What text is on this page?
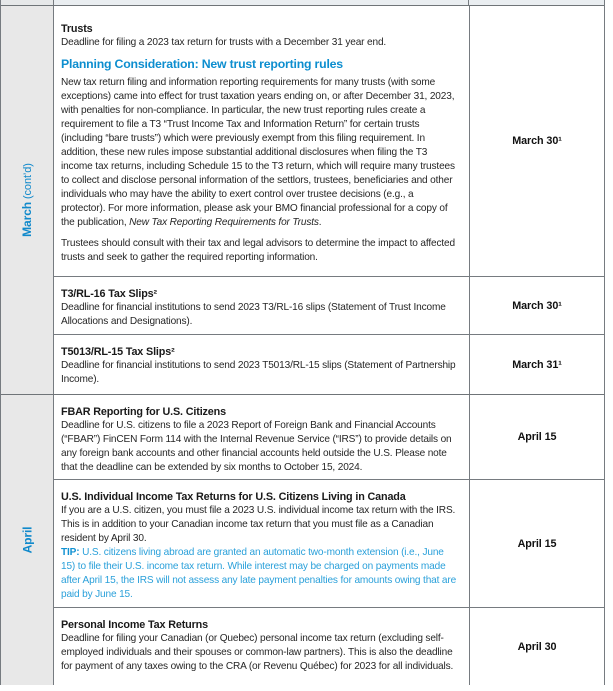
March (cont’d)
Trusts

Deadline for filing a 2023 tax return for trusts with a December 31 year end.

Planning Consideration: New trust reporting rules

New tax return filing and information reporting requirements for many trusts (with some exceptions) came into effect for trust taxation years ending on, or after December 31, 2023, with penalties for non-compliance. In particular, the new trust reporting rules create a requirement to file a T3 “Trust Income Tax and Information Return” for certain trusts (including “bare trusts”) which were previously exempt from this filing requirement. In addition, these new rules impose substantial additional disclosures when filing the T3 income tax returns, including Schedule 15 to the T3 return, which will require many trustees to collect and disclose personal information of the settlors, trustees, beneficiaries and other individuals who may have the ability to exert control over trustee decisions (e.g., a protector). For more information, please ask your BMO financial professional for a copy of the publication, New Tax Reporting Requirements for Trusts.

Trustees should consult with their tax and legal advisors to determine the impact to affected trusts and seek to gather the required reporting information.

March 30¹
T3/RL-16 Tax Slips²

Deadline for financial institutions to send 2023 T3/RL-16 slips (Statement of Trust Income Allocations and Designations).

March 30¹
T5013/RL-15 Tax Slips²

Deadline for financial institutions to send 2023 T5013/RL-15 slips (Statement of Partnership Income).

March 31¹
April
FBAR Reporting for U.S. Citizens

Deadline for U.S. citizens to file a 2023 Report of Foreign Bank and Financial Accounts (“FBAR”) FinCEN Form 114 with the Internal Revenue Service (“IRS”) to provide details on any foreign bank accounts and other financial accounts held outside the U.S. Please note that the deadline can be extended by six months to October 15, 2024.

April 15
U.S. Individual Income Tax Returns for U.S. Citizens Living in Canada

If you are a U.S. citizen, you must file a 2023 U.S. individual income tax return with the IRS. This is in addition to your Canadian income tax return that you must file as a Canadian resident by April 30.

TIP: U.S. citizens living abroad are granted an automatic two-month extension (i.e., June 15) to file their U.S. income tax return. While interest may be charged on payments made after April 15, the IRS will not assess any late payment penalties for amounts owing that are paid by June 15.

April 15
Personal Income Tax Returns

Deadline for filing your Canadian (or Quebec) personal income tax return (excluding self-employed individuals and their spouses or common-law partners). This is also the deadline for payment of any taxes owing to the CRA (or Revenu Québec) for 2023 for all individuals.

April 30
